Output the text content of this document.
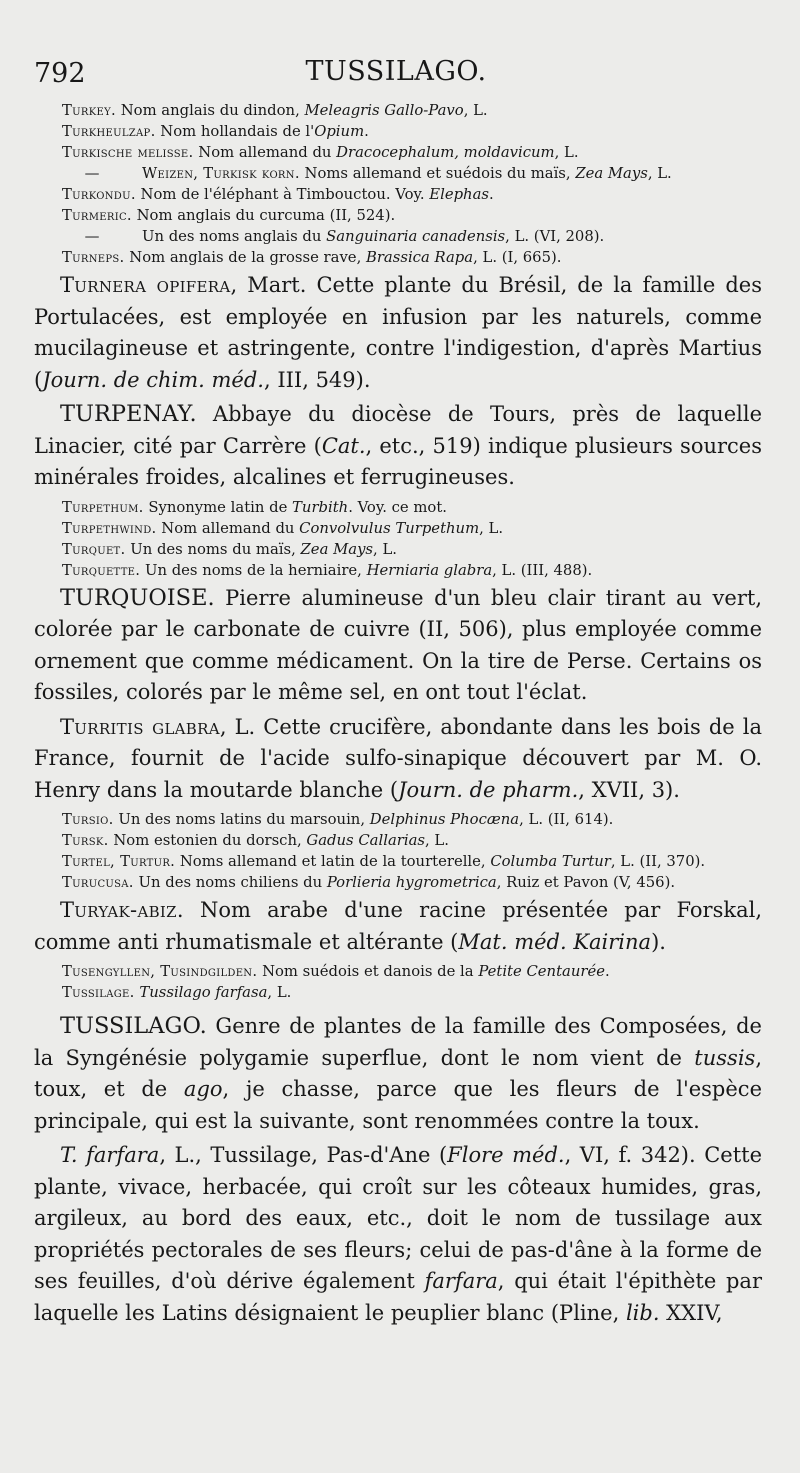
792	TUSSILAGO.
Turkey. Nom anglais du dindon, Meleagris Gallo-Pavo, L.
Turkheulzap. Nom hollandais de l'Opium.
Turkische melisse. Nom allemand du Dracocephalum, moldavicum, L.
—	Weizen, Turkisk korn. Noms allemand et suédois du maïs, Zea Mays, L.
Turkondu. Nom de l'éléphant à Timbouctou. Voy. Elephas.
Turmeric. Nom anglais du curcuma (II, 524).
—	Un des noms anglais du Sanguinaria canadensis, L. (VI, 208).
Turneps. Nom anglais de la grosse rave, Brassica Rapa, L. (I, 665).
Turnera opifera, Mart. Cette plante du Brésil, de la famille des Portulacées, est employée en infusion par les naturels, comme mucilagineuse et astringente, contre l'indigestion, d'après Martius (Journ. de chim. méd., III, 549).
TURPENAY. Abbaye du diocèse de Tours, près de laquelle Linacier, cité par Carrère (Cat., etc., 519) indique plusieurs sources minérales froides, alcalines et ferrugineuses.
Turpethum. Synonyme latin de Turbith. Voy. ce mot.
Turpethwind. Nom allemand du Convolvulus Turpethum, L.
Turquet. Un des noms du maïs, Zea Mays, L.
Turquette. Un des noms de la herniaire, Herniaria glabra, L. (III, 488).
TURQUOISE. Pierre alumineuse d'un bleu clair tirant au vert, colorée par le carbonate de cuivre (II, 506), plus employée comme ornement que comme médicament. On la tire de Perse. Certains os fossiles, colorés par le même sel, en ont tout l'éclat.
Turritis glabra, L. Cette crucifère, abondante dans les bois de la France, fournit de l'acide sulfo-sinapique découvert par M. O. Henry dans la moutarde blanche (Journ. de pharm., XVII, 3).
Tursio. Un des noms latins du marsouin, Delphinus Phocæna, L. (II, 614).
Tursk. Nom estonien du dorsch, Gadus Callarias, L.
Turtel, Turtur. Noms allemand et latin de la tourterelle, Columba Turtur, L. (II, 370).
Turucusa. Un des noms chiliens du Porlieria hygrometrica, Ruiz et Pavon (V, 456).
Turyak-abiz. Nom arabe d'une racine présentée par Forskal, comme anti rhumatismale et altérante (Mat. méd. Kairina).
Tusengyllen, Tusindgilden. Nom suédois et danois de la Petite Centaurée.
Tussilage. Tussilago farfasa, L.
TUSSILAGO. Genre de plantes de la famille des Composées, de la Syngénésie polygamie superflue, dont le nom vient de tussis, toux, et de ago, je chasse, parce que les fleurs de l'espèce principale, qui est la suivante, sont renommées contre la toux.
T. farfara, L., Tussilage, Pas-d'Ane (Flore méd., VI, f. 342). Cette plante, vivace, herbacée, qui croît sur les côteaux humides, gras, argileux, au bord des eaux, etc., doit le nom de tussilage aux propriétés pectorales de ses fleurs; celui de pas-d'âne à la forme de ses feuilles, d'où dérive également farfara, qui était l'épithète par laquelle les Latins désignaient le peuplier blanc (Pline, lib. XXIV,
